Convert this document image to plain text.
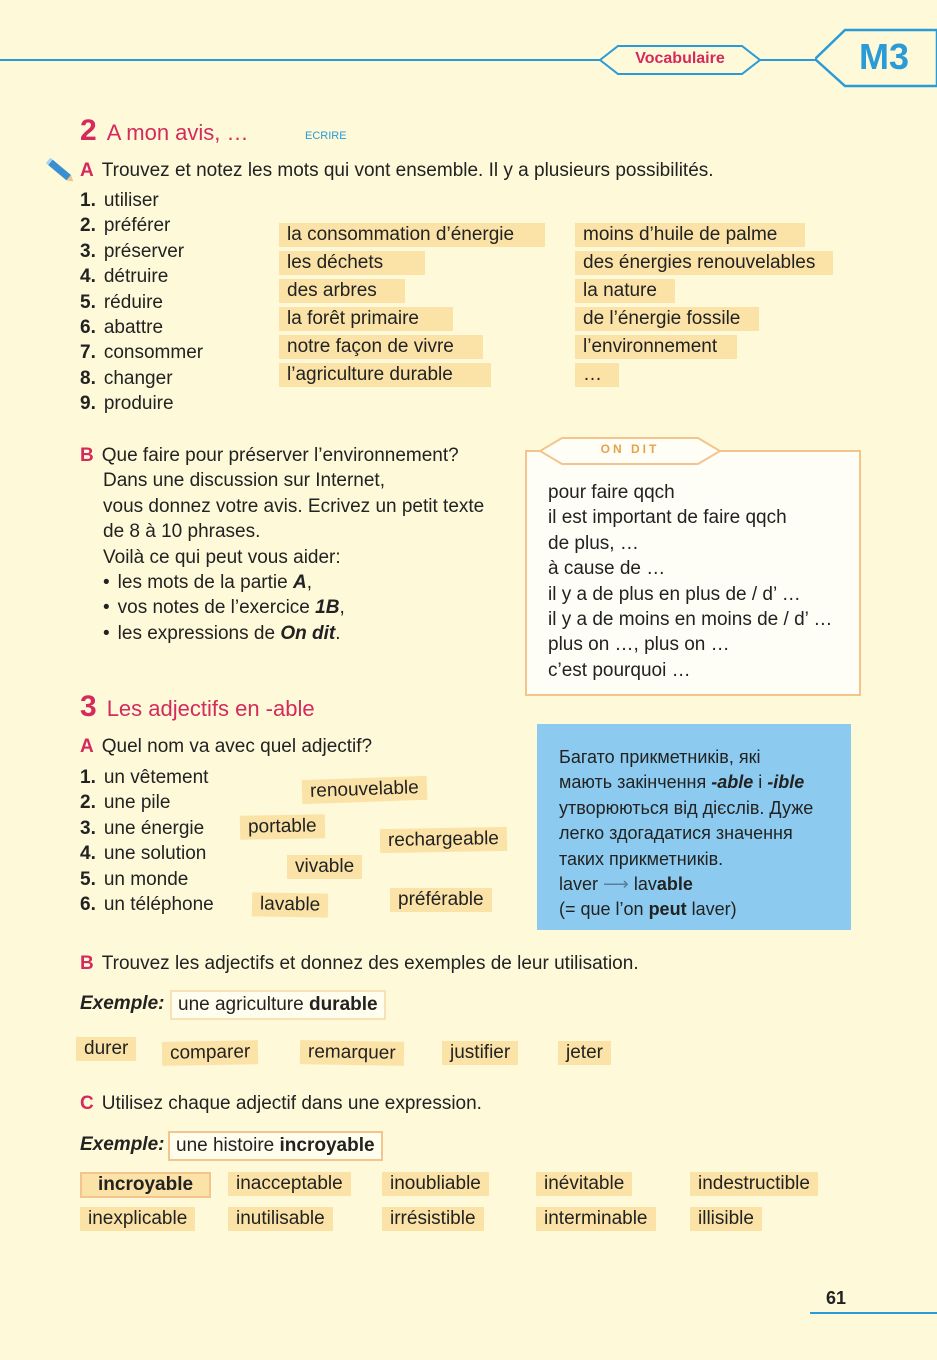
Vocabulaire	M3
2 A mon avis, …	ECRIRE
A Trouvez et notez les mots qui vont ensemble. Il y a plusieurs possibilités.
1. utiliser
2. préférer
3. préserver
4. détruire
5. réduire
6. abattre
7. consommer
8. changer
9. produire
B Que faire pour préserver l’environnement?
Dans une discussion sur Internet,
vous donnez votre avis. Ecrivez un petit texte
de 8 à 10 phrases.
Voilà ce qui peut vous aider:
• les mots de la partie A,
• vos notes de l’exercice 1B,
• les expressions de On dit.
ON DIT
pour faire qqch
il est important de faire qqch
de plus, …
à cause de …
il y a de plus en plus de / d’ …
il y a de moins en moins de / d’ …
plus on …, plus on …
c’est pourquoi …
3 Les adjectifs en -able
A Quel nom va avec quel adjectif?
1. un vêtement
2. une pile
3. une énergie
4. une solution
5. un monde
6. un téléphone
Багато прикметників, які
мають закінчення -able і -ible
утворюються від дієслів. Дуже
легко здогадатися значення
таких прикметників.
laver ⟶ lavable
(= que l’on peut laver)
B Trouvez les adjectifs et donnez des exemples de leur utilisation.
Exemple: une agriculture durable
C Utilisez chaque adjectif dans une expression.
Exemple: une histoire incroyable
61
la consommation d’énergie
les déchets
des arbres
la forêt primaire
notre façon de vivre
l’agriculture durable
moins d’huile de palme
des énergies renouvelables
la nature
de l’énergie fossile
l’environnement
…
renouvelable
portable
rechargeable
vivable
lavable	préférable
durer	comparer	remarquer	justifier	jeter
incroyable	inacceptable	inoubliable	inévitable	indestructible
inexplicable	inutilisable	irrésistible	interminable	illisible
